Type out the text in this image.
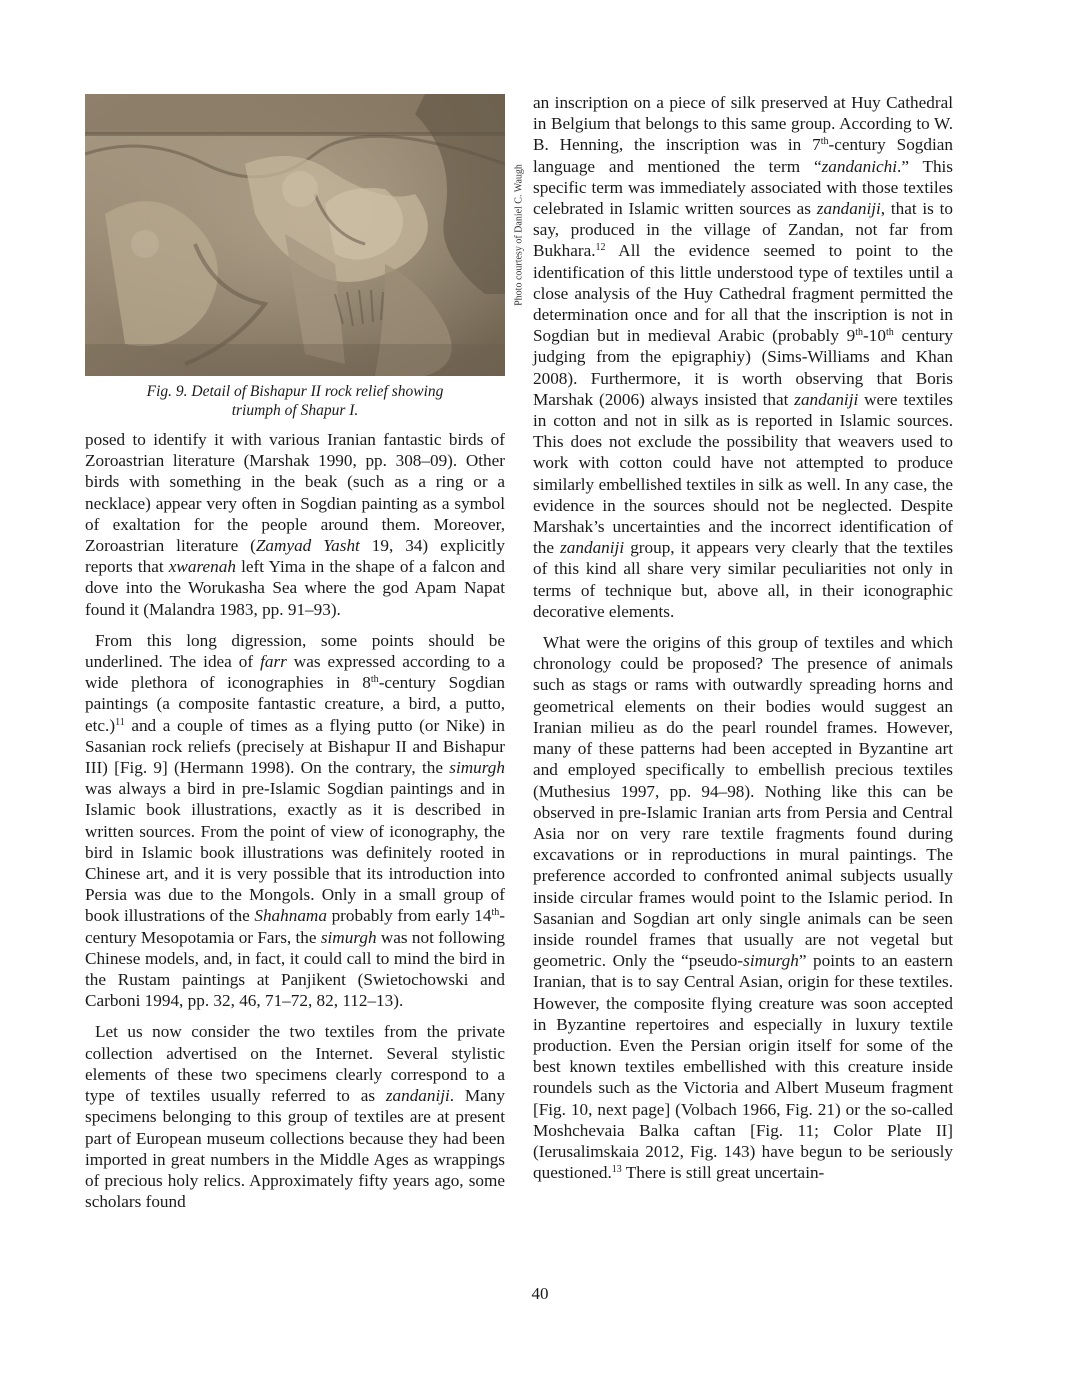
Photo courtesy of Daniel C. Waugh
Fig. 9. Detail of Bishapur II rock relief showing
triumph of Shapur I.

posed to identify it with various Iranian fantastic birds of Zoroastrian literature (Marshak 1990, pp. 308–09). Other birds with something in the beak (such as a ring or a necklace) appear very often in Sogdian painting as a symbol of exaltation for the people around them. Moreover, Zoroastrian literature (Zamyad Yasht 19, 34) explicitly reports that xwarenah left Yima in the shape of a falcon and dove into the Worukasha Sea where the god Apam Napat found it (Malandra 1983, pp. 91–93).

From this long digression, some points should be underlined. The idea of farr was expressed according to a wide plethora of iconographies in 8th-century Sogdian paintings (a composite fantastic creature, a bird, a putto, etc.)$^{11}$ and a couple of times as a flying putto (or Nike) in Sasanian rock reliefs (precisely at Bishapur II and Bishapur III) [Fig. 9] (Hermann 1998). On the contrary, the simurgh was always a bird in pre-Islamic Sogdian paintings and in Islamic book illustrations, exactly as it is described in written sources. From the point of view of iconography, the bird in Islamic book illustrations was definitely rooted in Chinese art, and it is very possible that its introduction into Persia was due to the Mongols. Only in a small group of book illustrations of the Shahnama probably from early 14th-century Mesopotamia or Fars, the simurgh was not following Chinese models, and, in fact, it could call to mind the bird in the Rustam paintings at Panjikent (Swietochowski and Carboni 1994, pp. 32, 46, 71–72, 82, 112–13).

Let us now consider the two textiles from the private collection advertised on the Internet. Several stylistic elements of these two specimens clearly correspond to a type of textiles usually referred to as zandaniji. Many specimens belonging to this group of textiles are at present part of European museum collections because they had been imported in great numbers in the Middle Ages as wrappings of precious holy relics. Approximately fifty years ago, some scholars found

an inscription on a piece of silk preserved at Huy Cathedral in Belgium that belongs to this same group. According to W. B. Henning, the inscription was in 7th-century Sogdian language and mentioned the term “zandanichi.” This specific term was immediately associated with those textiles celebrated in Islamic written sources as zandaniji, that is to say, produced in the village of Zandan, not far from Bukhara.$^{12}$ All the evidence seemed to point to the identification of this little understood type of textiles until a close analysis of the Huy Cathedral fragment permitted the determination once and for all that the inscription is not in Sogdian but in medieval Arabic (probably 9th-10th century judging from the epigraphiy) (Sims-Williams and Khan 2008). Furthermore, it is worth observing that Boris Marshak (2006) always insisted that zandaniji were textiles in cotton and not in silk as is reported in Islamic sources. This does not exclude the possibility that weavers used to work with cotton could have not attempted to produce similarly embellished textiles in silk as well. In any case, the evidence in the sources should not be neglected. Despite Marshak’s uncertainties and the incorrect identification of the zandaniji group, it appears very clearly that the textiles of this kind all share very similar peculiarities not only in terms of technique but, above all, in their iconographic decorative elements.

What were the origins of this group of textiles and which chronology could be proposed? The presence of animals such as stags or rams with outwardly spreading horns and geometrical elements on their bodies would suggest an Iranian milieu as do the pearl roundel frames. However, many of these patterns had been accepted in Byzantine art and employed specifically to embellish precious textiles (Muthesius 1997, pp. 94–98). Nothing like this can be observed in pre-Islamic Iranian arts from Persia and Central Asia nor on very rare textile fragments found during excavations or in reproductions in mural paintings. The preference accorded to confronted animal subjects usually inside circular frames would point to the Islamic period. In Sasanian and Sogdian art only single animals can be seen inside roundel frames that usually are not vegetal but geometric. Only the “pseudo-simurgh” points to an eastern Iranian, that is to say Central Asian, origin for these textiles. However, the composite flying creature was soon accepted in Byzantine repertoires and especially in luxury textile production. Even the Persian origin itself for some of the best known textiles embellished with this creature inside roundels such as the Victoria and Albert Museum fragment [Fig. 10, next page] (Volbach 1966, Fig. 21) or the so-called Moshchevaia Balka caftan [Fig. 11; Color Plate II] (Ierusalimskaia 2012, Fig. 143) have begun to be seriously questioned.$^{13}$ There is still great uncertain-

40
